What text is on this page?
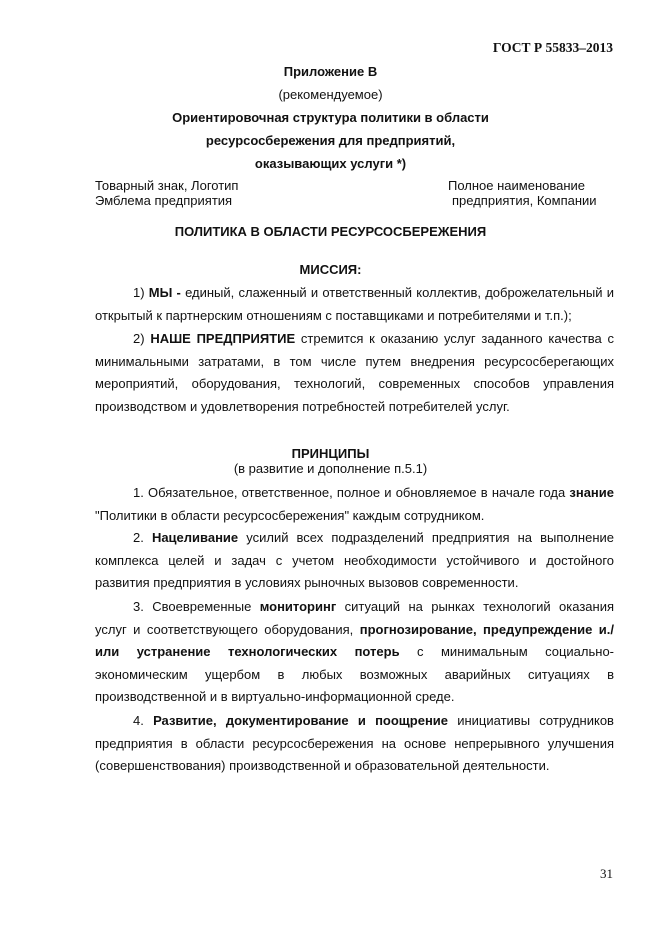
ГОСТ Р 55833–2013
Приложение В
(рекомендуемое)
Ориентировочная структура политики в области
ресурсосбережения для предприятий,
оказывающих услуги *)
Товарный знак, Логотип
Эмблема предприятия
Полное наименование
предприятия, Компании
ПОЛИТИКА В ОБЛАСТИ РЕСУРСОСБЕРЕЖЕНИЯ
МИССИЯ:
1) МЫ - единый, слаженный и ответственный коллектив, доброжелательный и открытый к партнерским отношениям с поставщиками и потребителями и т.п.);
2) НАШЕ ПРЕДПРИЯТИЕ стремится к оказанию услуг заданного качества с минимальными затратами, в том числе путем внедрения ресурсосберегающих мероприятий, оборудования, технологий, современных способов управления производством и удовлетворения потребностей потребителей услуг.
ПРИНЦИПЫ
(в развитие и дополнение п.5.1)
1. Обязательное, ответственное, полное и обновляемое в начале года знание "Политики в области ресурсосбережения" каждым сотрудником.
2. Нацеливание усилий всех подразделений предприятия на выполнение комплекса целей и задач с учетом необходимости устойчивого и достойного развития предприятия в условиях рыночных вызовов современности.
3. Своевременные мониторинг ситуаций на рынках технологий оказания услуг и соответствующего оборудования, прогнозирование, предупреждение и./или устранение технологических потерь с минимальным социально-экономическим ущербом в любых возможных аварийных ситуациях в производственной и в виртуально-информационной среде.
4. Развитие, документирование и поощрение инициативы сотрудников предприятия в области ресурсосбережения на основе непрерывного улучшения (совершенствования) производственной и образовательной деятельности.
31
